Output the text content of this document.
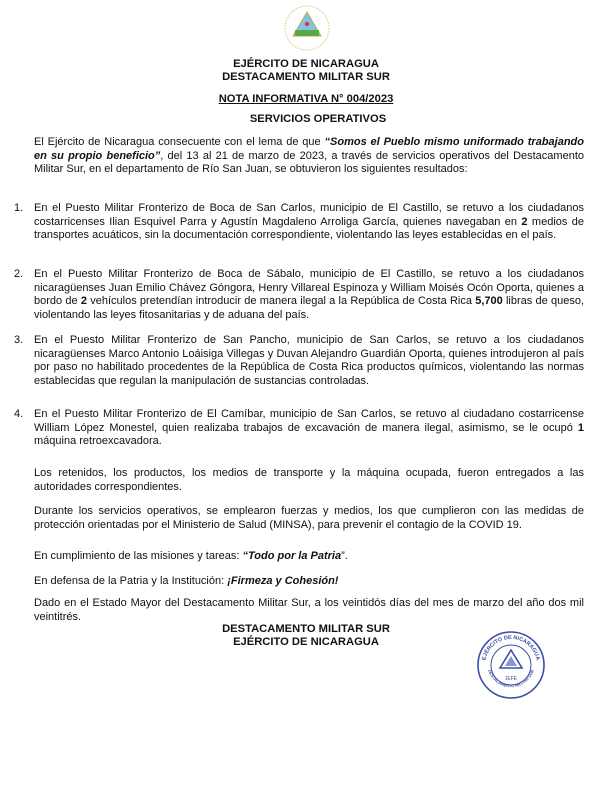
EJÉRCITO DE NICARAGUA
DESTACAMENTO MILITAR SUR
NOTA INFORMATIVA N° 004/2023
SERVICIOS OPERATIVOS
El Ejército de Nicaragua consecuente con el lema de que “Somos el Pueblo mismo uniformado trabajando en su propio beneficio”, del 13 al 21 de marzo de 2023, a través de servicios operativos del Destacamento Militar Sur, en el departamento de Río San Juan, se obtuvieron los siguientes resultados:
1. En el Puesto Militar Fronterizo de Boca de San Carlos, municipio de El Castillo, se retuvo a los ciudadanos costarricenses Ilian Esquivel Parra y Agustín Magdaleno Arroliga García, quienes navegaban en 2 medios de transportes acuáticos, sin la documentación correspondiente, violentando las leyes establecidas en el país.
2. En el Puesto Militar Fronterizo de Boca de Sábalo, municipio de El Castillo, se retuvo a los ciudadanos nicaragüenses Juan Emilio Chávez Góngora, Henry Villareal Espinoza y William Moisés Ocón Oporta, quienes a bordo de 2 vehículos pretendían introducir de manera ilegal a la República de Costa Rica 5,700 libras de queso, violentando las leyes fitosanitarias y de aduana del país.
3. En el Puesto Militar Fronterizo de San Pancho, municipio de San Carlos, se retuvo a los ciudadanos nicaragüenses Marco Antonio Loáisiga Villegas y Duvan Alejandro Guardián Oporta, quienes introdujeron al país por paso no habilitado procedentes de la República de Costa Rica productos químicos, violentando las normas establecidas que regulan la manipulación de sustancias controladas.
4. En el Puesto Militar Fronterizo de El Camíbar, municipio de San Carlos, se retuvo al ciudadano costarricense William López Monestel, quien realizaba trabajos de excavación de manera ilegal, asimismo, se le ocupó 1 máquina retroexcavadora.
Los retenidos, los productos, los medios de transporte y la máquina ocupada, fueron entregados a las autoridades correspondientes.
Durante los servicios operativos, se emplearon fuerzas y medios, los que cumplieron con las medidas de protección orientadas por el Ministerio de Salud (MINSA), para prevenir el contagio de la COVID 19.
En cumplimiento de las misiones y tareas: “Todo por la Patria”.
En defensa de la Patria y la Institución: ¡Firmeza y Cohesión!
Dado en el Estado Mayor del Destacamento Militar Sur, a los veintidós días del mes de marzo del año dos mil veintitrés.
DESTACAMENTO MILITAR SUR
EJÉRCITO DE NICARAGUA
JEFE
EJÉRCITO DE NICARAGUA
DESTACAMENTO MILITAR SUR
